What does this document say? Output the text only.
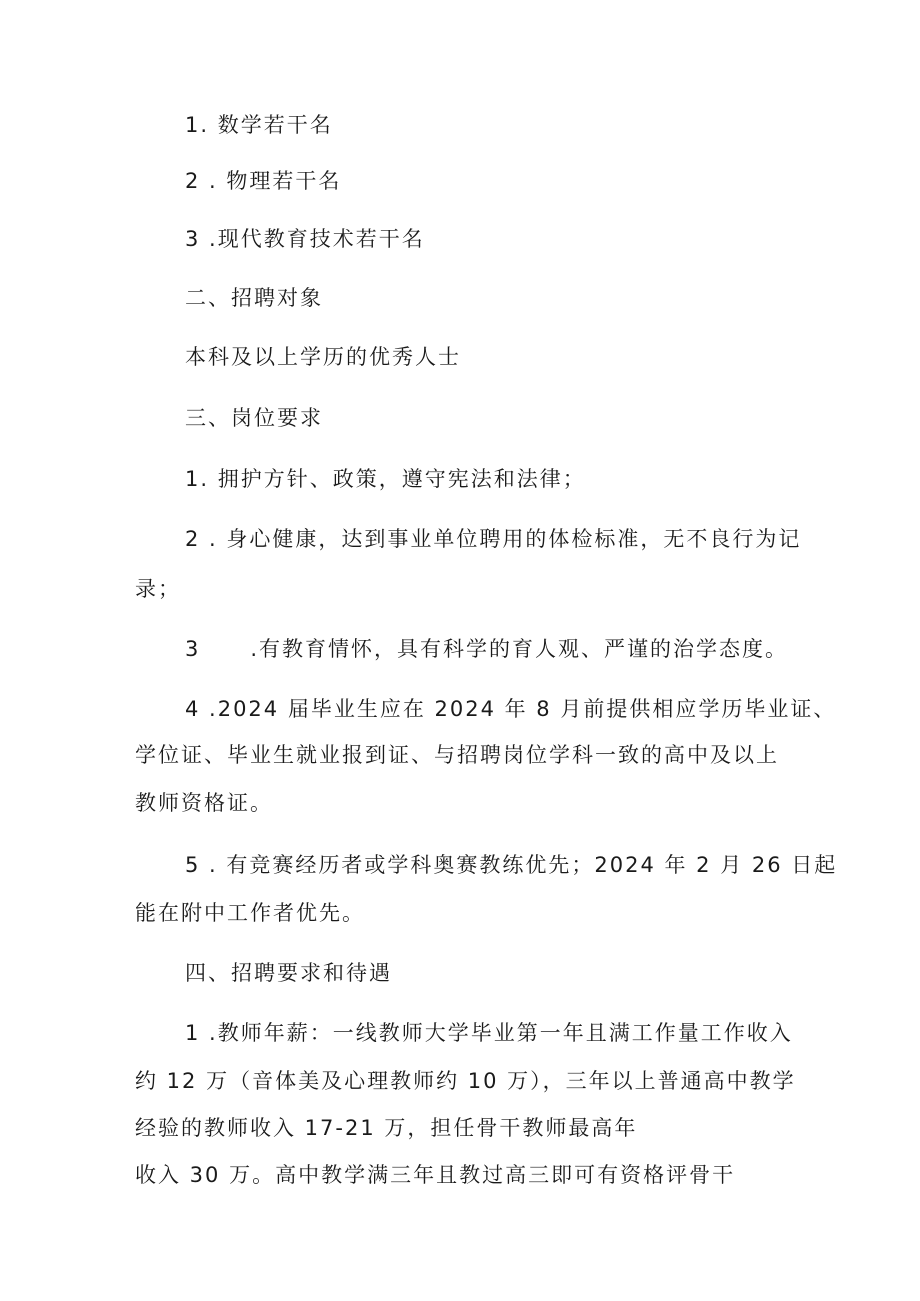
1. 数学若干名
2 . 物理若干名
3 .现代教育技术若干名
二、招聘对象
本科及以上学历的优秀人士
三、岗位要求
1. 拥护方针、政策，遵守宪法和法律；
2 . 身心健康，达到事业单位聘用的体检标准，无不良行为记
录；
3 .有教育情怀，具有科学的育人观、严谨的治学态度。
4 .2024 届毕业生应在 2024 年 8 月前提供相应学历毕业证、
学位证、毕业生就业报到证、与招聘岗位学科一致的高中及以上
教师资格证。
5 . 有竞赛经历者或学科奥赛教练优先；2024 年 2 月 26 日起
能在附中工作者优先。
四、招聘要求和待遇
1 .教师年薪：一线教师大学毕业第一年且满工作量工作收入
约 12 万（音体美及心理教师约 10 万），三年以上普通高中教学
经验的教师收入 17-21 万，担任骨干教师最高年
收入 30 万。高中教学满三年且教过高三即可有资格评骨干
